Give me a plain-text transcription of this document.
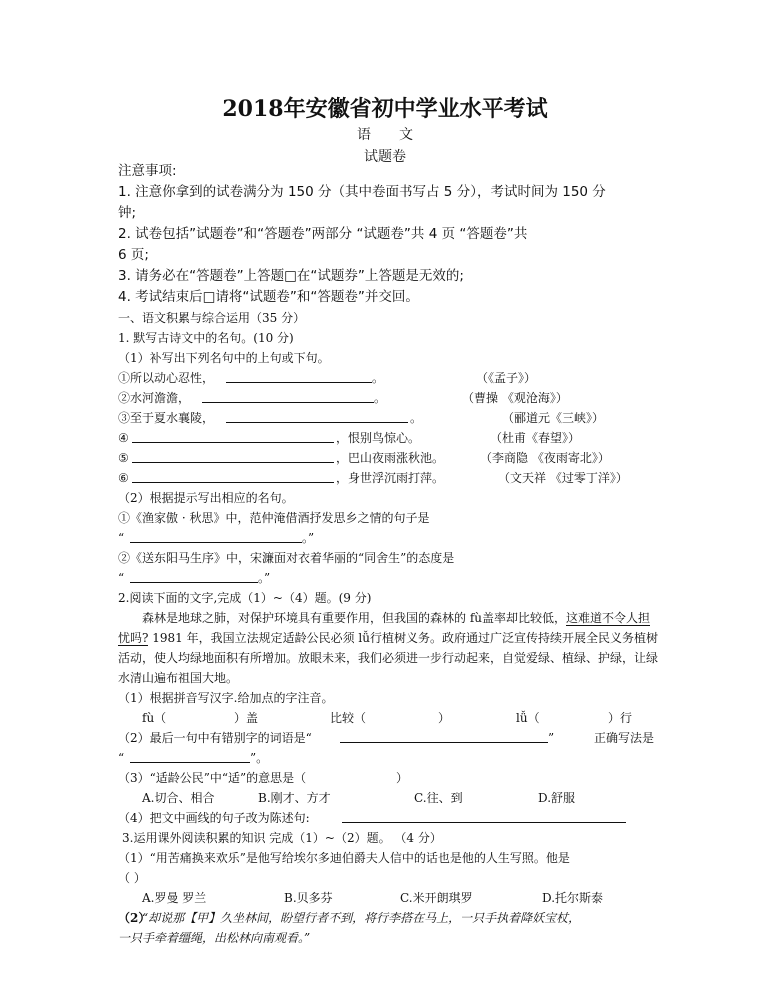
2018年安徽省初中学业水平考试
语　　文
试题卷
注意事项:
1. 注意你拿到的试卷满分为 150 分（其中卷面书写占 5 分），考试时间为 150 分
钟;
2. 试卷包括”试题卷”和“答题卷”两部分 “试题卷”共 4 页 “答题卷”共
6 页;
3. 请务必在“答题卷”上答题□在“试题券”上答题是无效的;
4. 考试结束后□请将“试题卷”和“答题卷”并交回。
一、语文积累与综合运用（35 分）
1. 默写古诗文中的名句。(10 分)
（1）补写出下列名句中的上句或下句。
①所以动心忍性，	。	（《孟子》）
②水河澹澹，	。	（曹操 《观沧海》）
③至于夏水襄陵，	。	（郦道元《三峡》）
④	，恨别鸟惊心。	（杜甫《春望》）
⑤	，巴山夜雨涨秋池。	（李商隐 《夜雨寄北》）
⑥	，身世浮沉雨打萍。	（文天祥 《过零丁洋》）
（2）根据提示写出相应的名句。
①《渔家傲 · 秋思》中，范仲淹借酒抒发思乡之情的句子是
“	。”
②《送东阳马生序》中，宋濂面对衣着华丽的“同舍生”的态度是
“	。”
2.阅读下面的文字,完成（1）~（4）题。(9 分)
森林是地球之肺，对保护环境具有重要作用，但我国的森林的 fù盖率却比较低，这难道不令人担忧吗? 1981 年，我国立法规定适龄公民必须 lǚ行植树义务。政府通过广泛宣传持续开展全民义务植树活动，使人均绿地面积有所增加。放眼未来，我们必须进一步行动起来，自觉爱绿、植绿、护绿，让绿水清山遍布祖国大地。
（1）根据拼音写汉字.给加点的字注音。
fù（	）盖	比较（	）	lǚ（	）行
（2）最后一句中有错别字的词语是“	”	正确写法是
“	”。
（3）“适龄公民”中“适”的意思是（	）
A.切合、相合	B.刚才、方才	C.往、到	D.舒服
（4）把文中画线的句子改为陈述句:
3.运用课外阅读积累的知识 完成（1）~（2）题。 （4 分）
（1）“用苦痛换来欢乐”是他写给埃尔多迪伯爵夫人信中的话也是他的人生写照。他是
（ ）
A.罗曼 罗兰	B.贝多芬	C.米开朗琪罗	D.托尔斯泰
（2）
“却说那【甲】久坐林间，盼望行者不到，将行李搭在马上，一只手执着降妖宝杖，
一只手牵着缰绳，出松林向南观看。”
